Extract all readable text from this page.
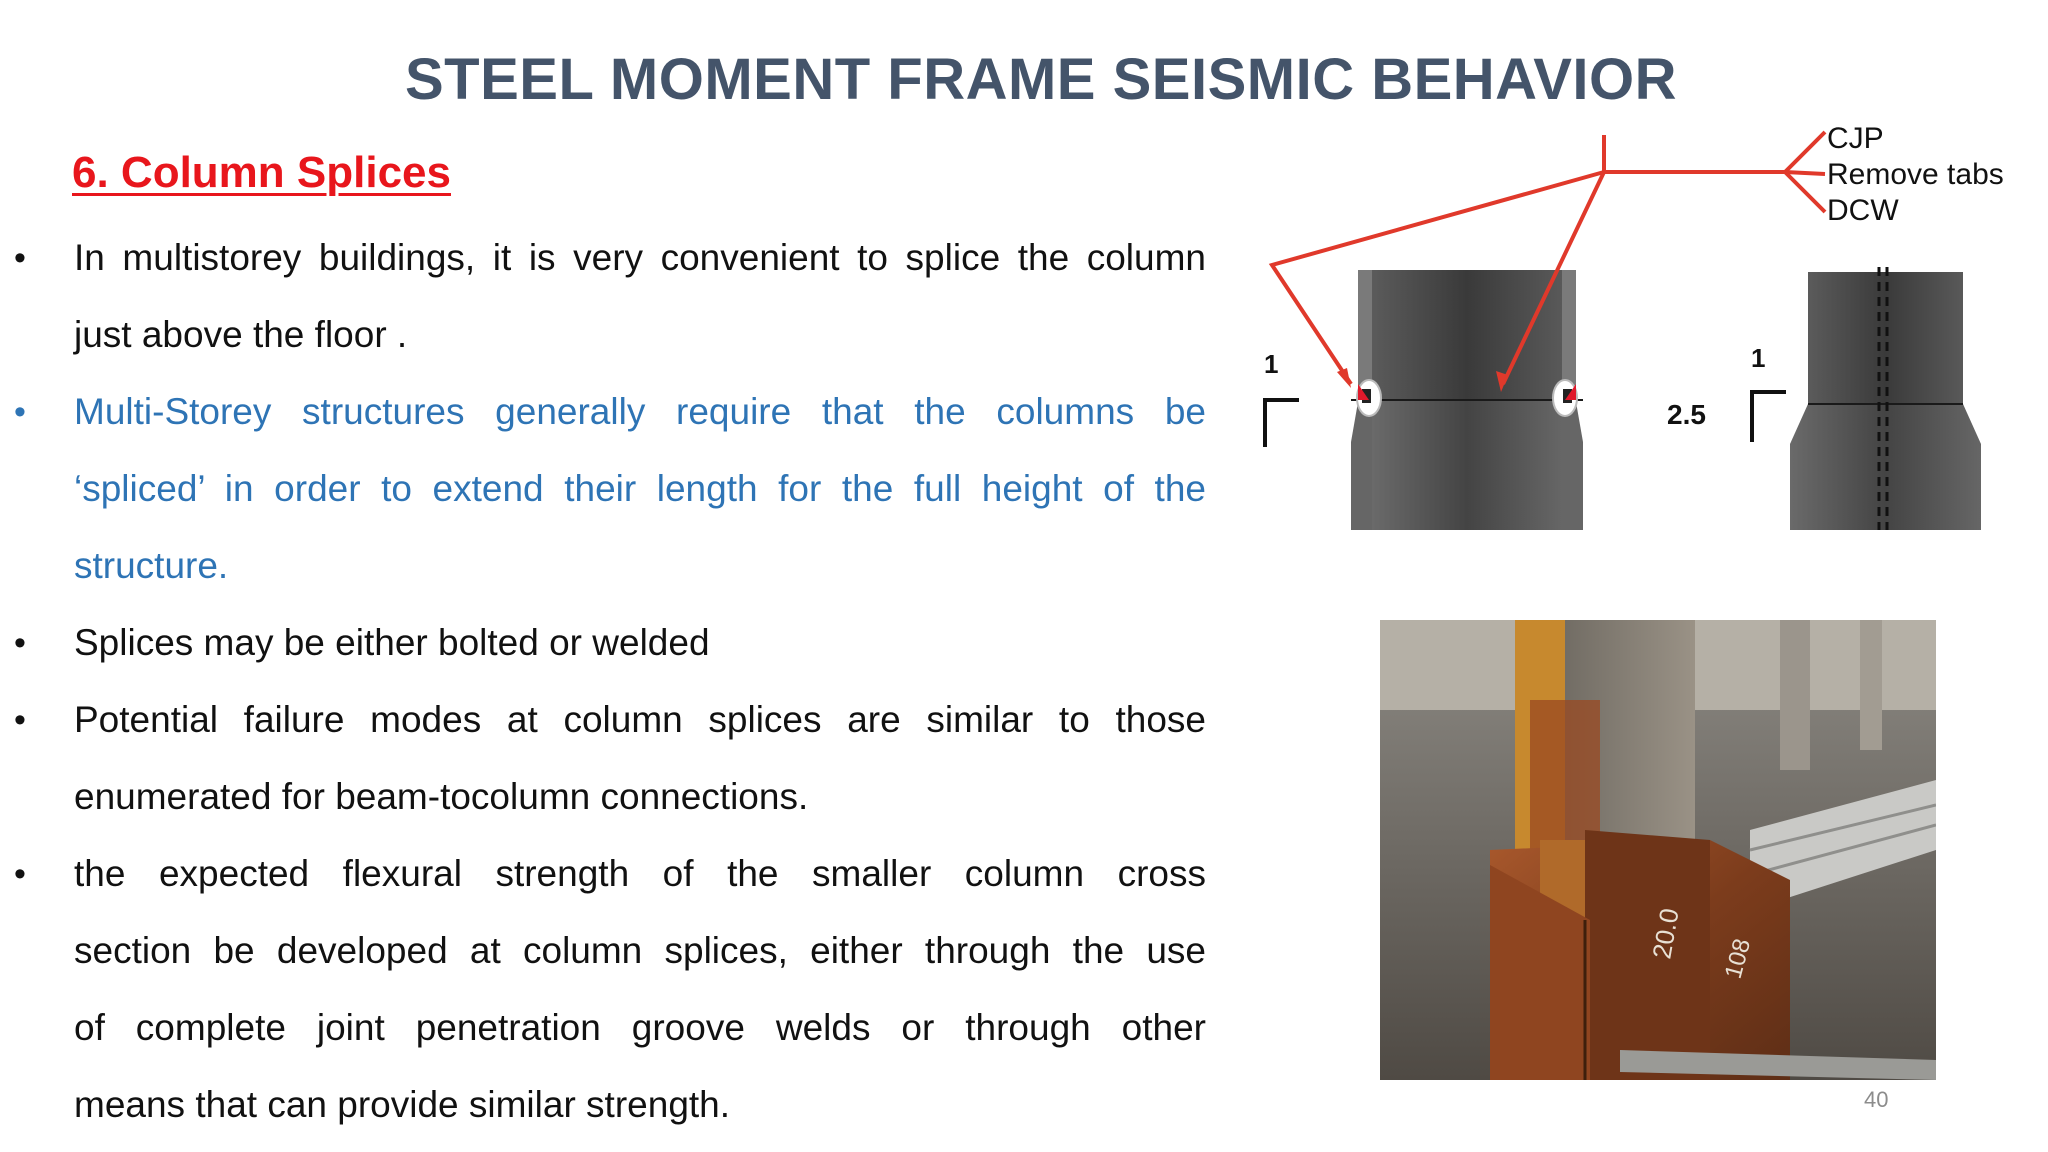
STEEL MOMENT FRAME SEISMIC BEHAVIOR
6. Column Splices
• In multistorey buildings, it is very convenient to splice the column
just above the floor .
• Multi-Storey structures generally require that the columns be
‘spliced’ in order to extend their length for the full height of the
structure.
• Splices may be either bolted or welded
• Potential failure modes at column splices are similar to those
enumerated for beam-tocolumn connections.
• the expected flexural strength of the smaller column cross
section be developed at column splices, either through the use
of complete joint penetration groove welds or through other
means that can provide similar strength.
CJP
Remove tabs
DCW
1	1
2.5
20.0 108
40
